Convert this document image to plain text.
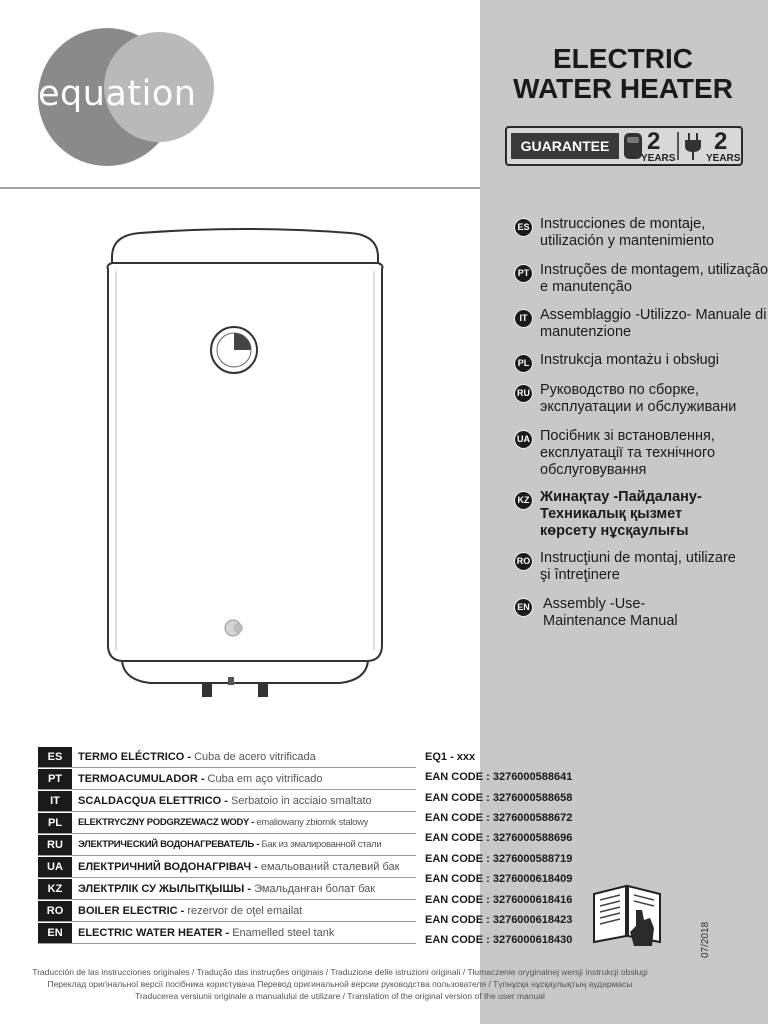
equation
ELECTRIC
WATER HEATER
GUARANTEE	2
YEARS
2
YEARS
ES Instrucciones de montaje, utilización y mantenimiento
PT Instruções de montagem, utilização e manutenção
IT Assemblaggio -Utilizzo- Manuale di manutenzione
PL Instrukcja montażu i obsługi
RU Руководство по сборке, эксплуатации и обслуживани
UA Посібник зі встановлення, експлуатації та технічного обслуговування
KZ Жинақтау -Пайдалану- Техникалық қызмет көрсету нұсқаулығы
RO Instrucţiuni de montaj, utilizare şi întreţinere
EN Assembly -Use- Maintenance Manual
ES	TERMO ELÉCTRICO - Cuba de acero vitrificada
PT	TERMOACUMULADOR - Cuba em aço vitrificado
IT	SCALDACQUA ELETTRICO - Serbatoio in acciaio smaltato
PL	ELEKTRYCZNY PODGRZEWACZ WODY - emaliowany zbiornik stalowy
RU	ЭЛЕКТРИЧЕСКИЙ ВОДОНАГРЕВАТЕЛЬ - Бак из эмалированной стали
UA	ЕЛЕКТРИЧНИЙ ВОДОНАГРІВАЧ - емальований сталевий бак
KZ	ЭЛЕКТРЛІК СУ ЖЫЛЫТҚЫШЫ - Эмальданған болат бак
RO	BOILER ELECTRIC - rezervor de oţel emailat
EN	ELECTRIC WATER HEATER - Enamelled steel tank
EQ1 - xxx
EAN CODE : 3276000588641
EAN CODE : 3276000588658
EAN CODE : 3276000588672
EAN CODE : 3276000588696
EAN CODE : 3276000588719
EAN CODE : 3276000618409
EAN CODE : 3276000618416
EAN CODE : 3276000618423
EAN CODE : 3276000618430	07/2018
Traducción de las instrucciones originales / Tradução das instruções originais / Traduzione delle istruzioni originali / Tłumaczenie oryginalnej wersji instrukcji obsługi
Переклад оригінальної версії посібника користувача Перевод оригинальной версии руководства пользователя / Түпнұсқа нұсқаулықтың аудармасы
Traducerea versiunii originale a manualului de utilizare / Translation of the original version of the user manual
